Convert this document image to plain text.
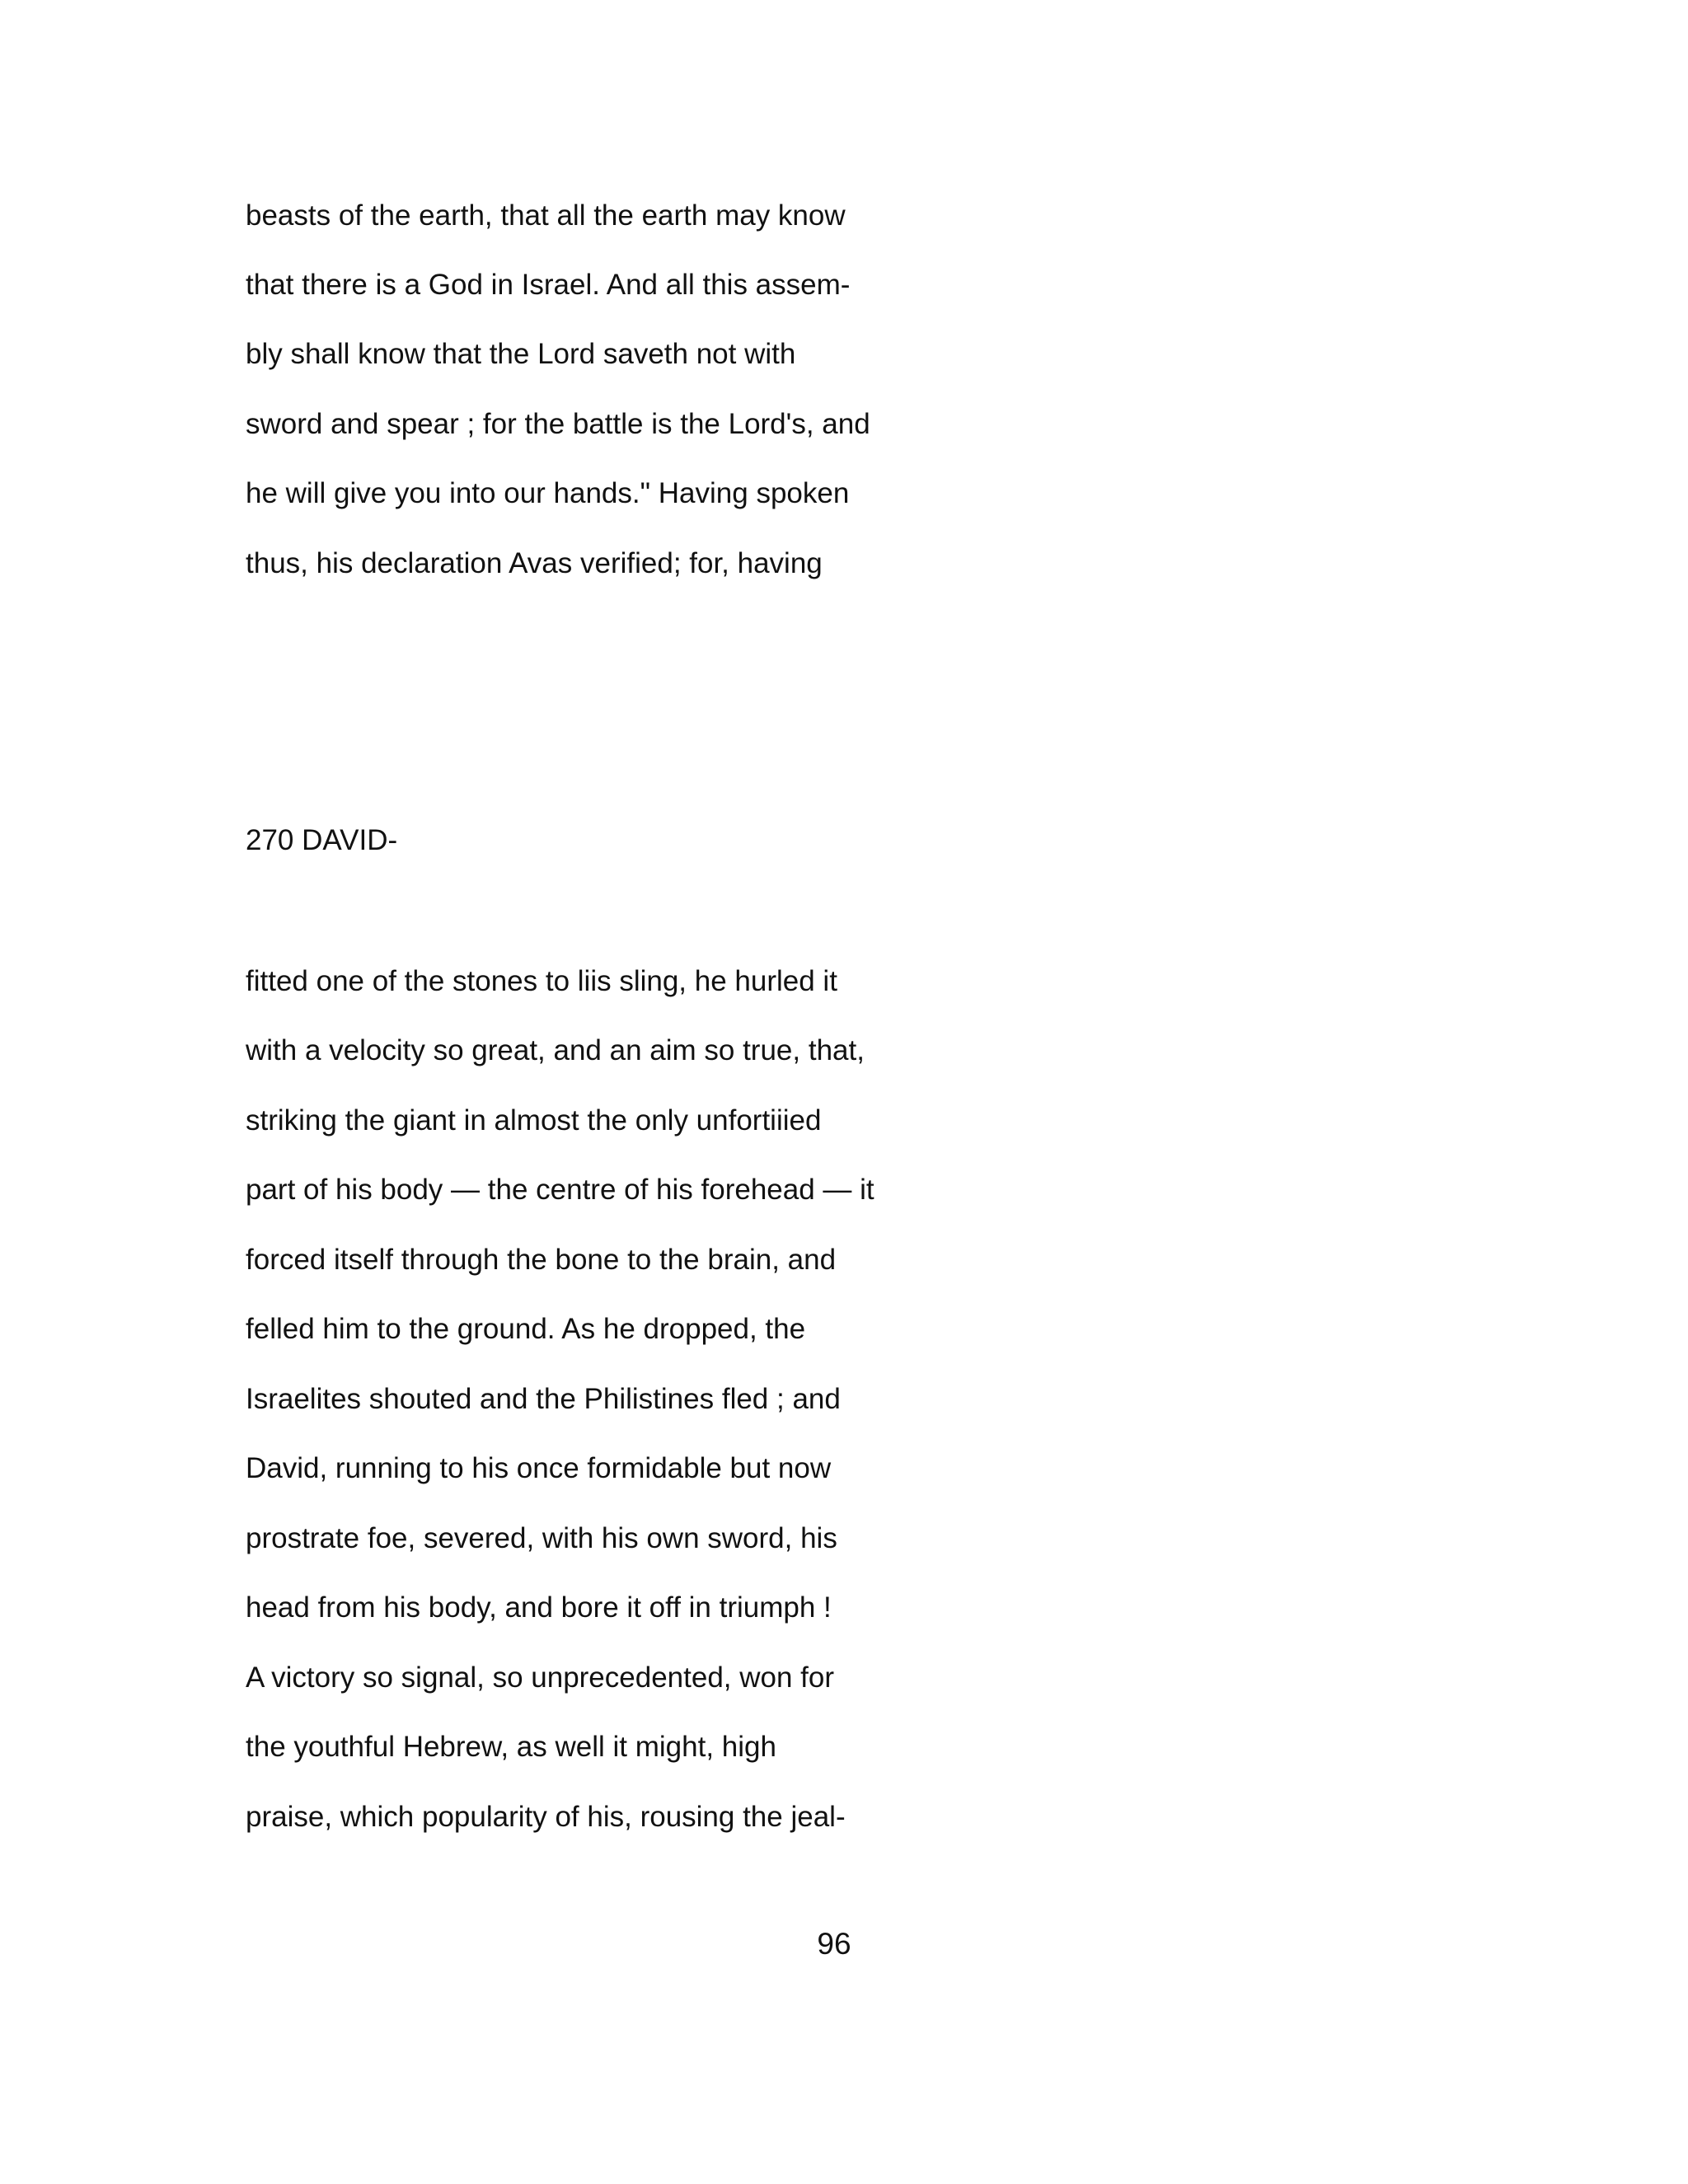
beasts of the earth, that all the earth may know

that there is a God in Israel. And all this assem-

bly shall know that the Lord saveth not with

sword and spear ; for the battle is the Lord's, and

he will give you into our hands." Having spoken

thus, his declaration Avas verified; for, having

270 DAVID-

fitted one of the stones to liis sling, he hurled it

with a velocity so great, and an aim so true, that,

striking the giant in almost the only unfortiiied

part of his body — the centre of his forehead — it

forced itself through the bone to the brain, and

felled him to the ground. As he dropped, the

Israelites shouted and the Philistines fled ; and

David, running to his once formidable but now

prostrate foe, severed, with his own sword, his

head from his body, and bore it off in triumph !

A victory so signal, so unprecedented, won for

the youthful Hebrew, as well it might, high

praise, which popularity of his, rousing the jeal-

96
